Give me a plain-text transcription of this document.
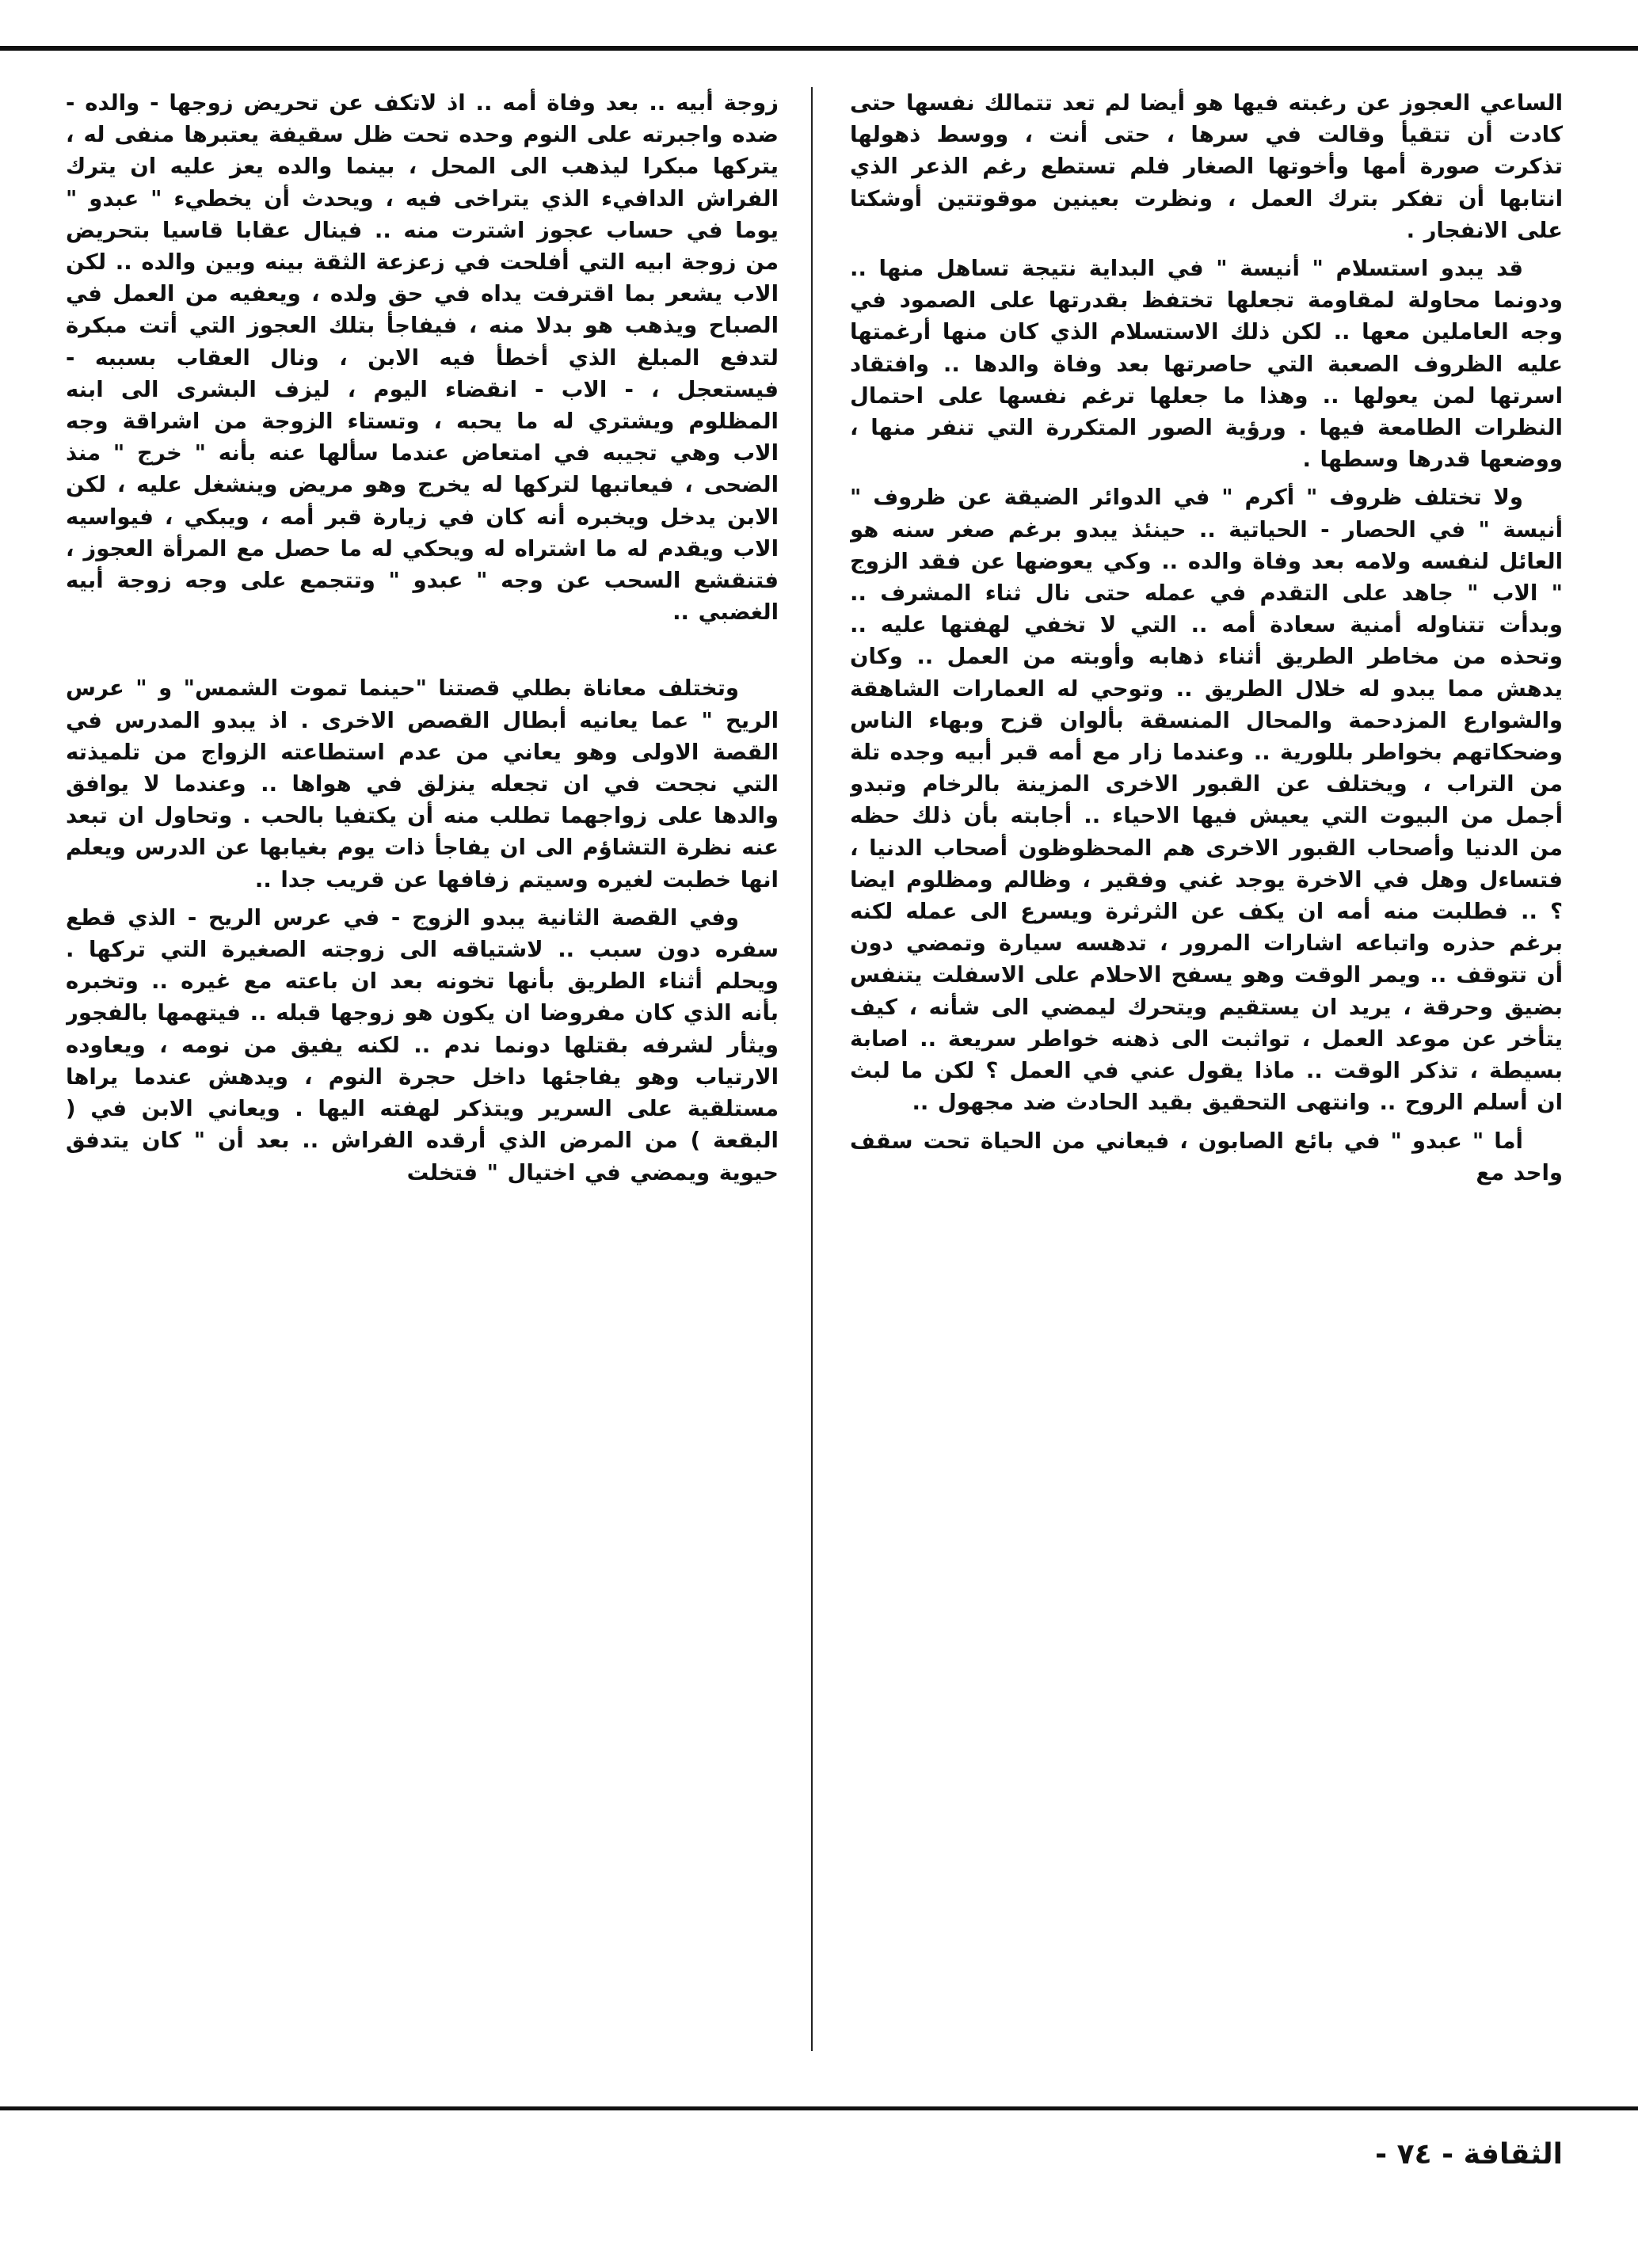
الساعي العجوز عن رغبته فيها هو أيضا لم تعد تتمالك نفسها حتى كادت أن تتقيأ وقالت في سرها ، حتى أنت ، ووسط ذهولها تذكرت صورة أمها وأخوتها الصغار فلم تستطع رغم الذعر الذي انتابها أن تفكر بترك العمل ، ونظرت بعينين موقوتتين أوشكتا على الانفجار .

قد يبدو استسلام " أنيسة " في البداية نتيجة تساهل منها .. ودونما محاولة لمقاومة تجعلها تختفظ بقدرتها على الصمود في وجه العاملين معها .. لكن ذلك الاستسلام الذي كان منها أرغمتها عليه الظروف الصعبة التي حاصرتها بعد وفاة والدها .. وافتقاد اسرتها لمن يعولها .. وهذا ما جعلها ترغم نفسها على احتمال النظرات الطامعة فيها . ورؤية الصور المتكررة التي تنفر منها ، ووضعها قدرها وسطها .

ولا تختلف ظروف " أكرم " في الدوائر الضيقة عن ظروف " أنيسة " في الحصار - الحياتية .. حينئذ يبدو برغم صغر سنه هو العائل لنفسه ولامه بعد وفاة والده .. وكي يعوضها عن فقد الزوج " الاب " جاهد على التقدم في عمله حتى نال ثناء المشرف .. وبدأت تتناوله أمنية سعادة أمه .. التي لا تخفي لهفتها عليه .. وتحذه من مخاطر الطريق أثناء ذهابه وأوبته من العمل .. وكان يدهش مما يبدو له خلال الطريق .. وتوحي له العمارات الشاهقة والشوارع المزدحمة والمحال المنسقة بألوان قزح وبهاء الناس وضحكاتهم بخواطر بللورية .. وعندما زار مع أمه قبر أبيه وجده تلة من التراب ، ويختلف عن القبور الاخرى المزينة بالرخام وتبدو أجمل من البيوت التي يعيش فيها الاحياء .. أجابته بأن ذلك حظه من الدنيا وأصحاب القبور الاخرى هم المحظوظون أصحاب الدنيا ، فتساءل وهل في الاخرة يوجد غني وفقير ، وظالم ومظلوم ايضا ؟ .. فطلبت منه أمه ان يكف عن الثرثرة ويسرع الى عمله لكنه برغم حذره واتباعه اشارات المرور ، تدهسه سيارة وتمضي دون أن تتوقف .. ويمر الوقت وهو يسفح الاحلام على الاسفلت يتنفس بضيق وحرقة ، يريد ان يستقيم ويتحرك ليمضي الى شأنه ، كيف يتأخر عن موعد العمل ، تواثبت الى ذهنه خواطر سريعة .. اصابة بسيطة ، تذكر الوقت .. ماذا يقول عني في العمل ؟ لكن ما لبث ان أسلم الروح .. وانتهى التحقيق بقيد الحادث ضد مجهول ..

أما " عبدو " في بائع الصابون ، فيعاني من الحياة تحت سقف واحد مع

زوجة أبيه .. بعد وفاة أمه .. اذ لاتكف عن تحريض زوجها - والده - ضده واجبرته على النوم وحده تحت ظل سقيفة يعتبرها منفى له ، يتركها مبكرا ليذهب الى المحل ، بينما والده يعز عليه ان يترك الفراش الدافيء الذي يتراخى فيه ، ويحدث أن يخطيء " عبدو " يوما في حساب عجوز اشترت منه .. فينال عقابا قاسيا بتحريض من زوجة ابيه التي أفلحت في زعزعة الثقة بينه وبين والده .. لكن الاب يشعر بما اقترفت يداه في حق ولده ، ويعفيه من العمل في الصباح ويذهب هو بدلا منه ، فيفاجأ بتلك العجوز التي أتت مبكرة لتدفع المبلغ الذي أخطأ فيه الابن ، ونال العقاب بسببه - فيستعجل ، - الاب - انقضاء اليوم ، ليزف البشرى الى ابنه المظلوم ويشتري له ما يحبه ، وتستاء الزوجة من اشراقة وجه الاب وهي تجيبه في امتعاض عندما سألها عنه بأنه " خرج " منذ الضحى ، فيعاتبها لتركها له يخرج وهو مريض وينشغل عليه ، لكن الابن يدخل ويخبره أنه كان في زيارة قبر أمه ، ويبكي ، فيواسيه الاب ويقدم له ما اشتراه له ويحكي له ما حصل مع المرأة العجوز ، فتنقشع السحب عن وجه " عبدو " وتتجمع على وجه زوجة أبيه الغضبي ..

وتختلف معاناة بطلي قصتنا "حينما تموت الشمس" و " عرس الريح " عما يعانيه أبطال القصص الاخرى . اذ يبدو المدرس في القصة الاولى وهو يعاني من عدم استطاعته الزواج من تلميذته التي نجحت في ان تجعله ينزلق في هواها .. وعندما لا يوافق والدها على زواجهما تطلب منه أن يكتفيا بالحب . وتحاول ان تبعد عنه نظرة التشاؤم الى ان يفاجأ ذات يوم بغيابها عن الدرس ويعلم انها خطبت لغيره وسيتم زفافها عن قريب جدا ..

وفي القصة الثانية يبدو الزوج - في عرس الريح - الذي قطع سفره دون سبب .. لاشتياقه الى زوجته الصغيرة التي تركها . ويحلم أثناء الطريق بأنها تخونه بعد ان باعته مع غيره .. وتخبره بأنه الذي كان مفروضا ان يكون هو زوجها قبله .. فيتهمها بالفجور ويثأر لشرفه بقتلها دونما ندم .. لكنه يفيق من نومه ، ويعاوده الارتياب وهو يفاجئها داخل حجرة النوم ، ويدهش عندما يراها مستلقية على السرير ويتذكر لهفته اليها . ويعاني الابن في ( البقعة ) من المرض الذي أرقده الفراش .. بعد أن " كان يتدفق حيوية ويمضي في اختيال " فتخلت

الثقافة - ٧٤ -
